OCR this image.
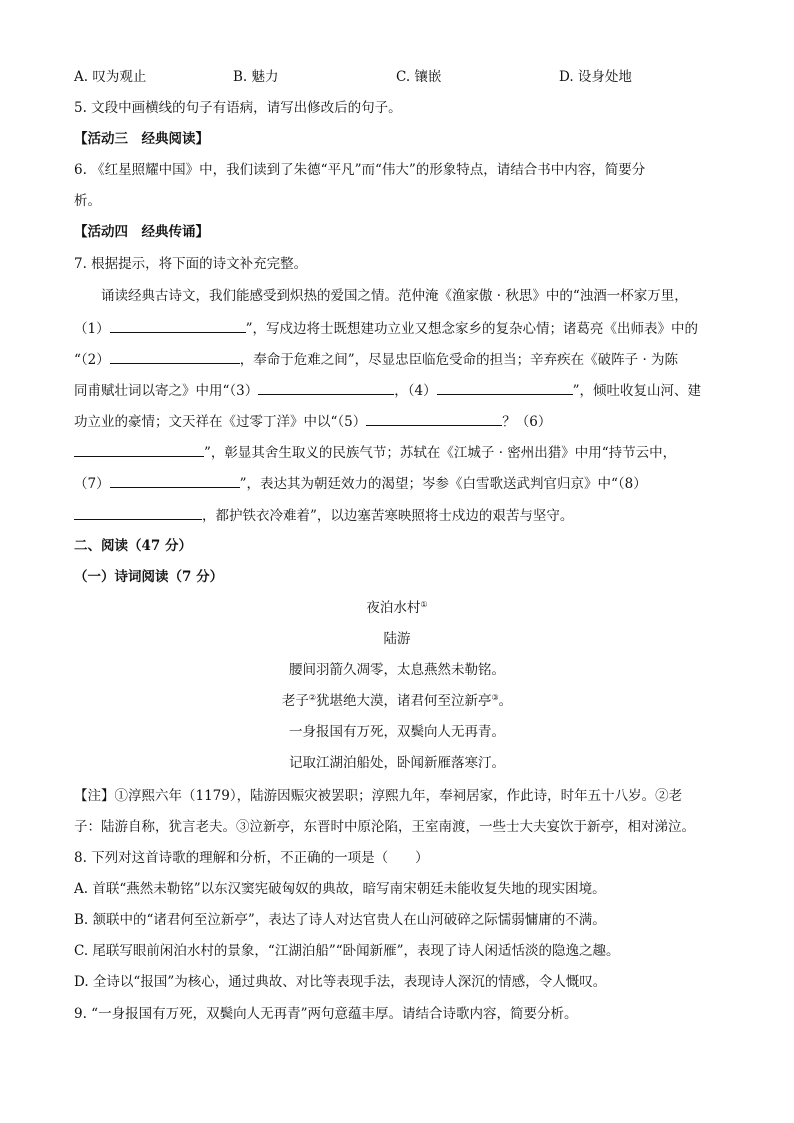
A. 叹为观止	B. 魅力	C. 镶嵌	D. 设身处地
5. 文段中画横线的句子有语病，请写出修改后的句子。
【活动三　经典阅读】
6. 《红星照耀中国》中，我们读到了朱德“平凡”而“伟大”的形象特点，请结合书中内容，简要分
析。
【活动四　经典传诵】
7. 根据提示，将下面的诗文补充完整。
诵读经典古诗文，我们能感受到炽热的爱国之情。范仲淹《渔家傲 · 秋思》中的“浊酒一杯家万里，
（1）	”，写戍边将士既想建功立业又想念家乡的复杂心情；诸葛亮《出师表》中的
“（2）	，奉命于危难之间”，尽显忠臣临危受命的担当；辛弃疾在《破阵子 · 为陈
同甫赋壮词以寄之》中用“（3）	，（4）	”，倾吐收复山河、建
功立业的豪情；文天祥在《过零丁洋》中以“（5）	？（6）
”，彰显其舍生取义的民族气节；苏轼在《江城子 · 密州出猎》中用“持节云中，
（7）	”，表达其为朝廷效力的渴望；岑参《白雪歌送武判官归京》中“（8）
，都护铁衣冷难着”，以边塞苦寒映照将士戍边的艰苦与坚守。
二、阅读（47 分）
（一）诗词阅读（7 分）
夜泊水村①
陆游
腰间羽箭久凋零，太息燕然未勒铭。
老子②犹堪绝大漠，诸君何至泣新亭③。
一身报国有万死，双鬓向人无再青。
记取江湖泊船处，卧闻新雁落寒汀。
【注】①淳熙六年（1179），陆游因赈灾被罢职；淳熙九年，奉祠居家，作此诗，时年五十八岁。②老
子：陆游自称，犹言老夫。③泣新亭，东晋时中原沦陷，王室南渡，一些士大夫宴饮于新亭，相对涕泣。
8. 下列对这首诗歌的理解和分析，不正确的一项是（　　）
A. 首联“燕然未勒铭”以东汉窦宪破匈奴的典故，暗写南宋朝廷未能收复失地的现实困境。
B. 颔联中的“诸君何至泣新亭”，表达了诗人对达官贵人在山河破碎之际懦弱慵庸的不满。
C. 尾联写眼前闲泊水村的景象，“江湖泊船”“卧闻新雁”，表现了诗人闲适恬淡的隐逸之趣。
D. 全诗以“报国”为核心，通过典故、对比等表现手法，表现诗人深沉的情感，令人慨叹。
9. “一身报国有万死，双鬓向人无再青”两句意蕴丰厚。请结合诗歌内容，简要分析。
